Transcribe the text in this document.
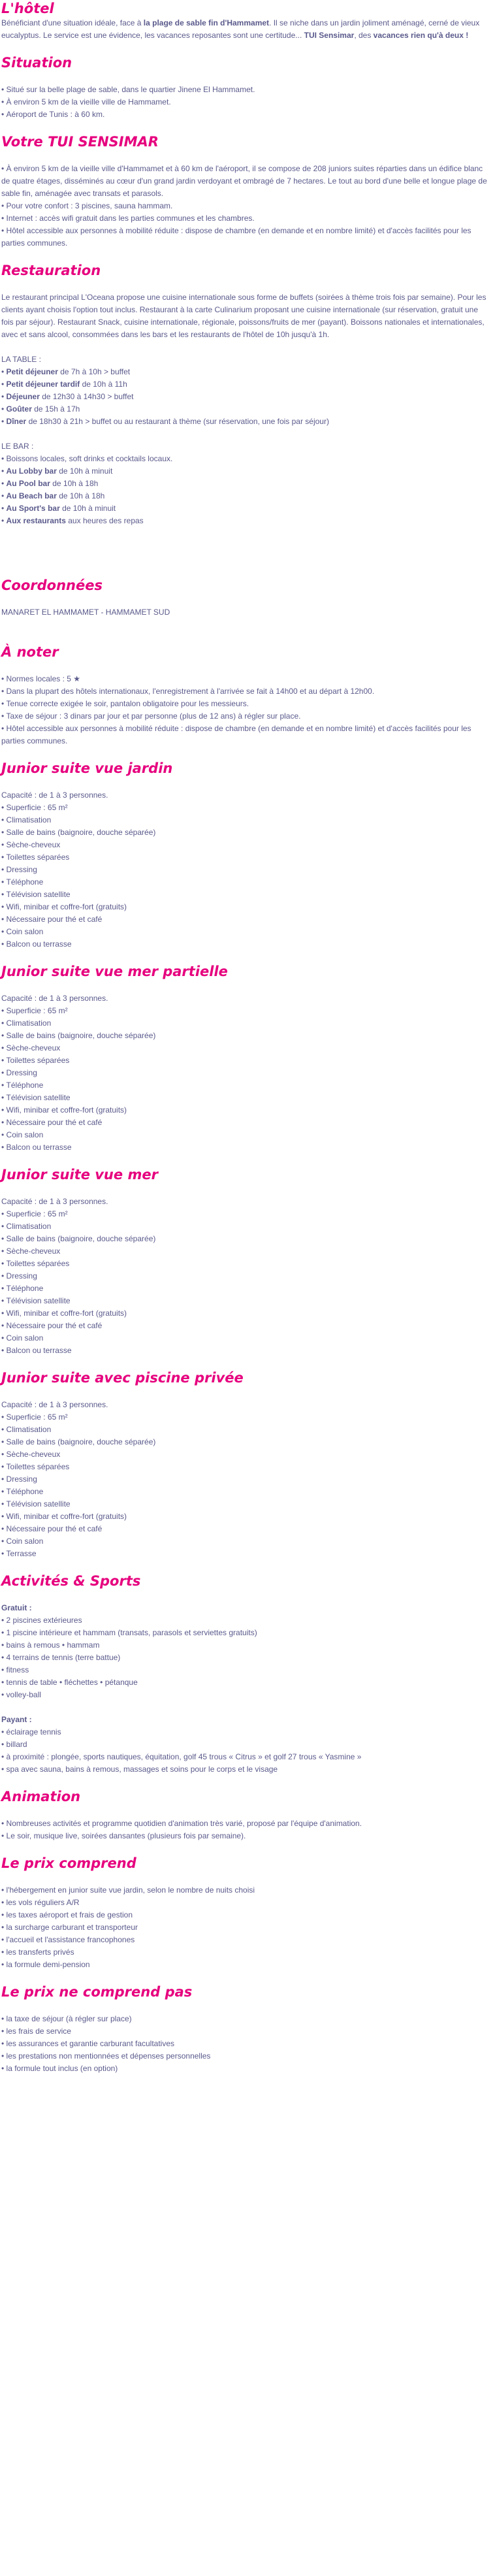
L'hôtel

Bénéficiant d'une situation idéale, face à la plage de sable fin d'Hammamet. Il se niche dans un jardin joliment aménagé, cerné de vieux eucalyptus. Le service est une évidence, les vacances reposantes sont une certitude... TUI Sensimar, des vacances rien qu'à deux !

Situation
• Situé sur la belle plage de sable, dans le quartier Jinene El Hammamet.
• À environ 5 km de la vieille ville de Hammamet.
• Aéroport de Tunis : à 60 km.
Votre TUI SENSIMAR
• À environ 5 km de la vieille ville d'Hammamet et à 60 km de l'aéroport, il se compose de 208 juniors suites réparties dans un édifice blanc de quatre étages, disséminés au cœur d'un grand jardin verdoyant et ombragé de 7 hectares. Le tout au bord d'une belle et longue plage de sable fin, aménagée avec transats et parasols.
• Pour votre confort : 3 piscines, sauna hammam.
• Internet : accès wifi gratuit dans les parties communes et les chambres.
• Hôtel accessible aux personnes à mobilité réduite : dispose de chambre (en demande et en nombre limité) et d'accès facilités pour les parties communes.
Restauration

Le restaurant principal L'Oceana propose une cuisine internationale sous forme de buffets (soirées à thème trois fois par semaine). Pour les clients ayant choisis l'option tout inclus. Restaurant à la carte Culinarium proposant une cuisine internationale (sur réservation, gratuit une fois par séjour). Restaurant Snack, cuisine internationale, régionale, poissons/fruits de mer (payant). Boissons nationales et internationales, avec et sans alcool, consommées dans les bars et les restaurants de l'hôtel de 10h jusqu'à 1h.

LA TABLE :

• Petit déjeuner de 7h à 10h > buffet
• Petit déjeuner tardif de 10h à 11h
• Déjeuner de 12h30 à 14h30 > buffet
• Goûter de 15h à 17h
• Dîner de 18h30 à 21h > buffet ou au restaurant à thème (sur réservation, une fois par séjour)

LE BAR :

• Boissons locales, soft drinks et cocktails locaux.
• Au Lobby bar de 10h à minuit
• Au Pool bar de 10h à 18h
• Au Beach bar de 10h à 18h
• Au Sport's bar de 10h à minuit
• Aux restaurants aux heures des repas
Coordonnées

MANARET EL HAMMAMET - HAMMAMET SUD

À noter
• Normes locales : 5 ★
• Dans la plupart des hôtels internationaux, l'enregistrement à l'arrivée se fait à 14h00 et au départ à 12h00.
• Tenue correcte exigée le soir, pantalon obligatoire pour les messieurs.
• Taxe de séjour : 3 dinars par jour et par personne (plus de 12 ans) à régler sur place.
• Hôtel accessible aux personnes à mobilité réduite : dispose de chambre (en demande et en nombre limité) et d'accès facilités pour les parties communes.
Junior suite vue jardin

Capacité : de 1 à 3 personnes.

• Superficie : 65 m²
• Climatisation
• Salle de bains (baignoire, douche séparée)
• Sèche-cheveux
• Toilettes séparées
• Dressing
• Téléphone
• Télévision satellite
• Wifi, minibar et coffre-fort (gratuits)
• Nécessaire pour thé et café
• Coin salon
• Balcon ou terrasse
Junior suite vue mer partielle

Capacité : de 1 à 3 personnes.

• Superficie : 65 m²
• Climatisation
• Salle de bains (baignoire, douche séparée)
• Sèche-cheveux
• Toilettes séparées
• Dressing
• Téléphone
• Télévision satellite
• Wifi, minibar et coffre-fort (gratuits)
• Nécessaire pour thé et café
• Coin salon
• Balcon ou terrasse
Junior suite vue mer

Capacité : de 1 à 3 personnes.

• Superficie : 65 m²
• Climatisation
• Salle de bains (baignoire, douche séparée)
• Sèche-cheveux
• Toilettes séparées
• Dressing
• Téléphone
• Télévision satellite
• Wifi, minibar et coffre-fort (gratuits)
• Nécessaire pour thé et café
• Coin salon
• Balcon ou terrasse
Junior suite avec piscine privée

Capacité : de 1 à 3 personnes.

• Superficie : 65 m²
• Climatisation
• Salle de bains (baignoire, douche séparée)
• Sèche-cheveux
• Toilettes séparées
• Dressing
• Téléphone
• Télévision satellite
• Wifi, minibar et coffre-fort (gratuits)
• Nécessaire pour thé et café
• Coin salon
• Terrasse
Activités & Sports

Gratuit :

• 2 piscines extérieures
• 1 piscine intérieure et hammam (transats, parasols et serviettes gratuits)
• bains à remous • hammam
• 4 terrains de tennis (terre battue)
• fitness
• tennis de table • fléchettes • pétanque
• volley-ball

Payant :

• éclairage tennis
• billard
• à proximité : plongée, sports nautiques, équitation, golf 45 trous « Citrus » et golf 27 trous « Yasmine »
• spa avec sauna, bains à remous, massages et soins pour le corps et le visage
Animation
• Nombreuses activités et programme quotidien d'animation très varié, proposé par l'équipe d'animation.
• Le soir, musique live, soirées dansantes (plusieurs fois par semaine).
Le prix comprend
• l'hébergement en junior suite vue jardin, selon le nombre de nuits choisi
• les vols réguliers A/R
• les taxes aéroport et frais de gestion
• la surcharge carburant et transporteur
• l'accueil et l'assistance francophones
• les transferts privés
• la formule demi-pension
Le prix ne comprend pas
• la taxe de séjour (à régler sur place)
• les frais de service
• les assurances et garantie carburant facultatives
• les prestations non mentionnées et dépenses personnelles
• la formule tout inclus (en option)
